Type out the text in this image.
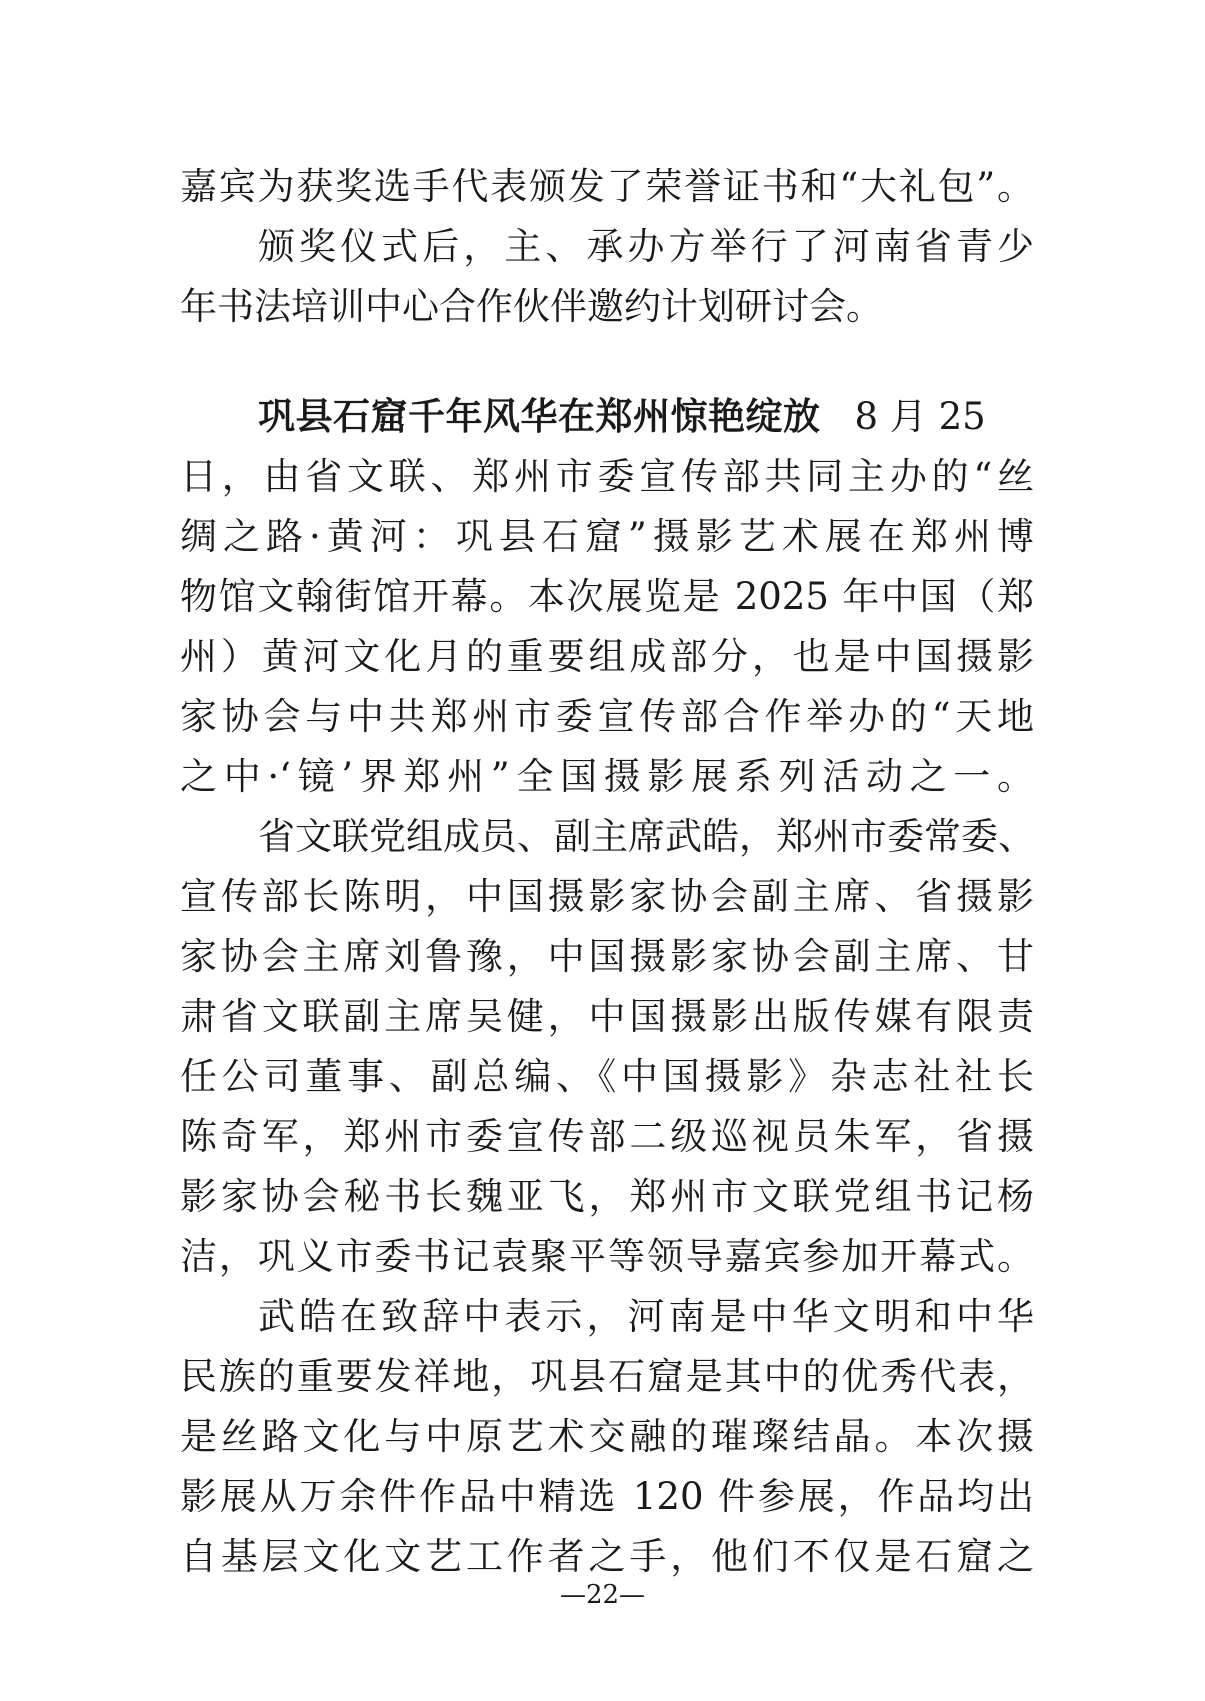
嘉宾为获奖选手代表颁发了荣誉证书和“大礼包”。
颁奖仪式后，主、承办方举行了河南省青少
年书法培训中心合作伙伴邀约计划研讨会。
巩县石窟千年风华在郑州惊艳绽放 8 月 25
日，由省文联、郑州市委宣传部共同主办的“丝
绸之路·黄河：巩县石窟”摄影艺术展在郑州博
物馆文翰街馆开幕。本次展览是 2025 年中国（郑
州）黄河文化月的重要组成部分，也是中国摄影
家协会与中共郑州市委宣传部合作举办的“天地
之中·‘镜’界郑州”全国摄影展系列活动之一。
省文联党组成员、副主席武皓，郑州市委常委、
宣传部长陈明，中国摄影家协会副主席、省摄影
家协会主席刘鲁豫，中国摄影家协会副主席、甘
肃省文联副主席吴健，中国摄影出版传媒有限责
任公司董事、副总编、《中国摄影》杂志社社长
陈奇军，郑州市委宣传部二级巡视员朱军，省摄
影家协会秘书长魏亚飞，郑州市文联党组书记杨
洁，巩义市委书记袁聚平等领导嘉宾参加开幕式。
武皓在致辞中表示，河南是中华文明和中华
民族的重要发祥地，巩县石窟是其中的优秀代表，
是丝路文化与中原艺术交融的璀璨结晶。本次摄
影展从万余件作品中精选 120 件参展，作品均出
自基层文化文艺工作者之手，他们不仅是石窟之
—22—
